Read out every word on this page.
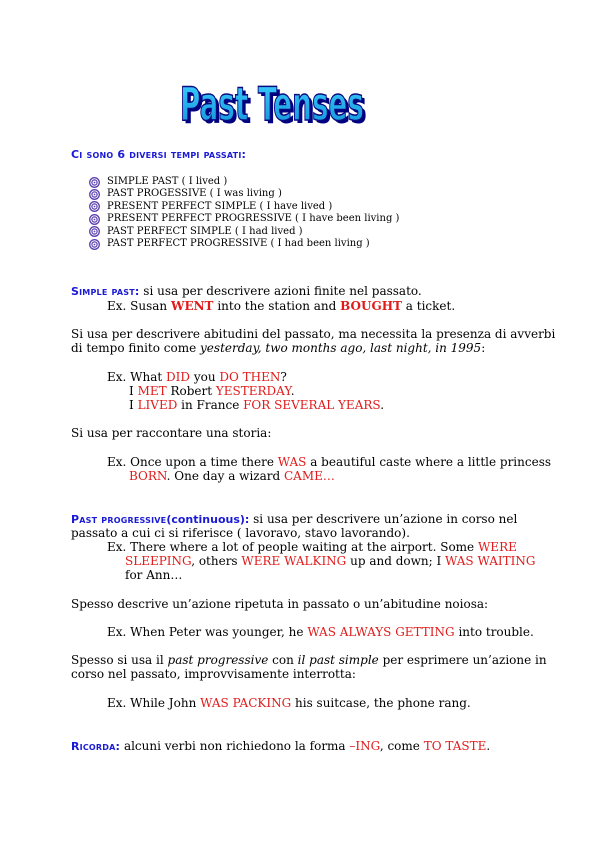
Past Tenses
Past Tenses
Ci sono 6 diversi tempi passati:
SIMPLE PAST ( I lived )
PAST PROGESSIVE ( I was living )
PRESENT PERFECT SIMPLE ( I have lived )
PRESENT PERFECT PROGRESSIVE ( I have been living )
PAST PERFECT SIMPLE ( I had lived )
PAST PERFECT PROGRESSIVE ( I had been living )
Simple past: si usa per descrivere azioni finite nel passato.
Ex. Susan WENT into the station and BOUGHT a ticket.
Si usa per descrivere abitudini del passato, ma necessita la presenza di avverbi
di tempo finito come yesterday, two months ago, last night, in 1995:
Ex. What DID you DO THEN?
I MET Robert YESTERDAY.
I LIVED in France FOR SEVERAL YEARS.
Si usa per raccontare una storia:
Ex. Once upon a time there WAS a beautiful caste where a little princess
BORN. One day a wizard CAME…
Past progressive(continuous): si usa per descrivere un’azione in corso nel
passato a cui ci si riferisce ( lavoravo, stavo lavorando).
Ex. There where a lot of people waiting at the airport. Some WERE
SLEEPING, others WERE WALKING up and down; I WAS WAITING
for Ann…
Spesso descrive un’azione ripetuta in passato o un’abitudine noiosa:
Ex. When Peter was younger, he WAS ALWAYS GETTING into trouble.
Spesso si usa il past progressive con il past simple per esprimere un’azione in
corso nel passato, improvvisamente interrotta:
Ex. While John WAS PACKING his suitcase, the phone rang.
Ricorda: alcuni verbi non richiedono la forma –ING, come TO TASTE.
